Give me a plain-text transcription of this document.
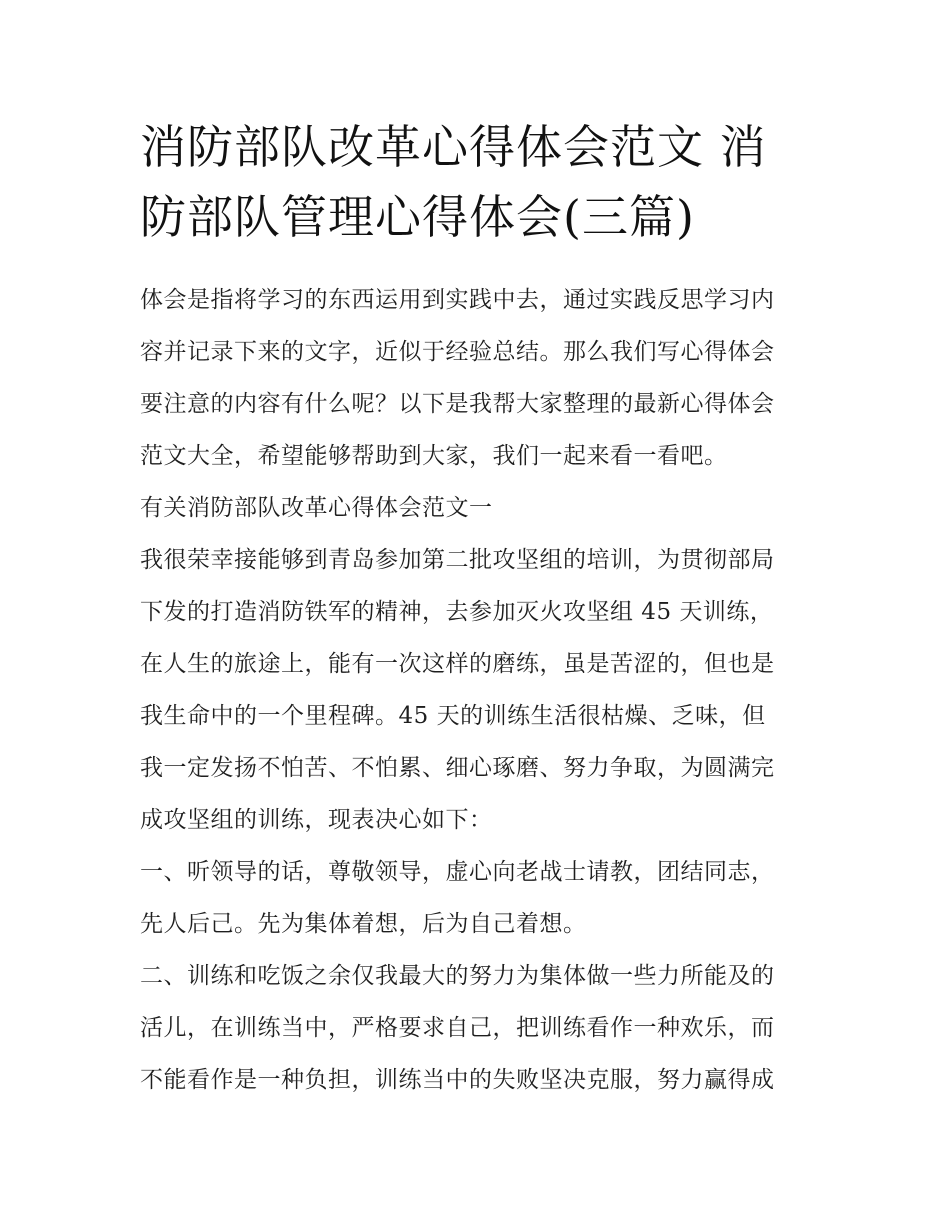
消防部队改革心得体会范文 消
防部队管理心得体会(三篇)

体会是指将学习的东西运用到实践中去，通过实践反思学习内
容并记录下来的文字，近似于经验总结。那么我们写心得体会
要注意的内容有什么呢？以下是我帮大家整理的最新心得体会
范文大全，希望能够帮助到大家，我们一起来看一看吧。
有关消防部队改革心得体会范文一
我很荣幸接能够到青岛参加第二批攻坚组的培训，为贯彻部局
下发的打造消防铁军的精神，去参加灭火攻坚组 45 天训练，
在人生的旅途上，能有一次这样的磨练，虽是苦涩的，但也是
我生命中的一个里程碑。45 天的训练生活很枯燥、乏味，但
我一定发扬不怕苦、不怕累、细心琢磨、努力争取，为圆满完
成攻坚组的训练，现表决心如下：
一、听领导的话，尊敬领导，虚心向老战士请教，团结同志，
先人后己。先为集体着想，后为自己着想。
二、训练和吃饭之余仅我最大的努力为集体做一些力所能及的
活儿，在训练当中，严格要求自己，把训练看作一种欢乐，而
不能看作是一种负担，训练当中的失败坚决克服，努力赢得成
